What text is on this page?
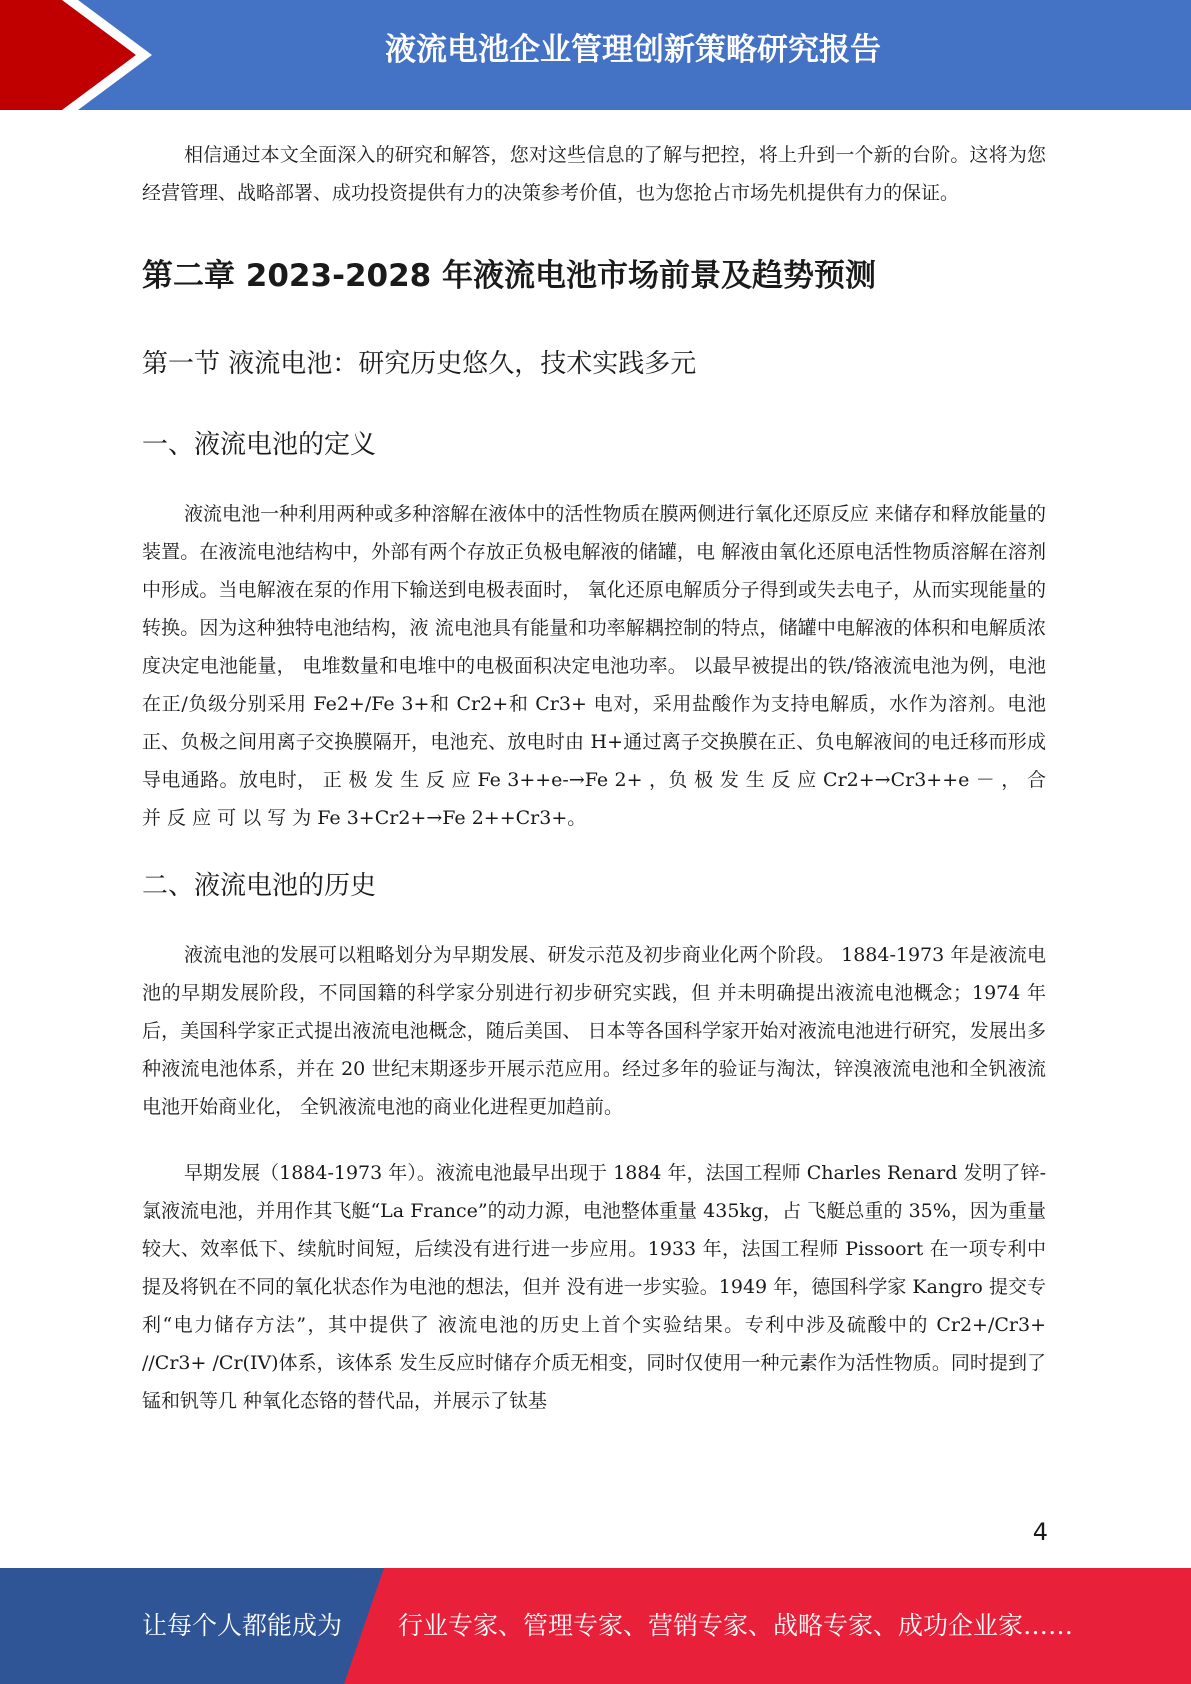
液流电池企业管理创新策略研究报告

相信通过本文全面深入的研究和解答，您对这些信息的了解与把控，将上升到一个新的台阶。这将为您经营管理、战略部署、成功投资提供有力的决策参考价值，也为您抢占市场先机提供有力的保证。

第二章 2023-2028 年液流电池市场前景及趋势预测
第一节 液流电池：研究历史悠久，技术实践多元
一、液流电池的定义

液流电池一种利用两种或多种溶解在液体中的活性物质在膜两侧进行氧化还原反应 来储存和释放能量的装置。在液流电池结构中，外部有两个存放正负极电解液的储罐，电 解液由氧化还原电活性物质溶解在溶剂中形成。当电解液在泵的作用下输送到电极表面时， 氧化还原电解质分子得到或失去电子，从而实现能量的转换。因为这种独特电池结构，液 流电池具有能量和功率解耦控制的特点，储罐中电解液的体积和电解质浓度决定电池能量， 电堆数量和电堆中的电极面积决定电池功率。 以最早被提出的铁/铬液流电池为例，电池在正/负级分别采用 Fe2+/Fe 3+和 Cr2+和 Cr3+ 电对，采用盐酸作为支持电解质，水作为溶剂。电池正、负极之间用离子交换膜隔开，电池充、放电时由 H+通过离子交换膜在正、负电解液间的电迁移而形成导电通路。放电时， 正 极 发 生 反 应 Fe 3++e-→Fe 2+ ，负 极 发 生 反 应 Cr2+→Cr3++e － ， 合 并 反 应 可 以 写 为 Fe 3+Cr2+→Fe 2++Cr3+。

二、液流电池的历史

液流电池的发展可以粗略划分为早期发展、研发示范及初步商业化两个阶段。 1884-1973 年是液流电池的早期发展阶段，不同国籍的科学家分别进行初步研究实践，但 并未明确提出液流电池概念；1974 年后，美国科学家正式提出液流电池概念，随后美国、 日本等各国科学家开始对液流电池进行研究，发展出多种液流电池体系，并在 20 世纪末期逐步开展示范应用。经过多年的验证与淘汰，锌溴液流电池和全钒液流电池开始商业化， 全钒液流电池的商业化进程更加趋前。

早期发展（1884-1973 年）。液流电池最早出现于 1884 年，法国工程师 Charles Renard 发明了锌-氯液流电池，并用作其飞艇“La France”的动力源，电池整体重量 435kg，占 飞艇总重的 35%，因为重量较大、效率低下、续航时间短，后续没有进行进一步应用。1933 年，法国工程师 Pissoort 在一项专利中提及将钒在不同的氧化状态作为电池的想法，但并 没有进一步实验。1949 年，德国科学家 Kangro 提交专利“电力储存方法”，其中提供了 液流电池的历史上首个实验结果。专利中涉及硫酸中的 Cr2+/Cr3+ //Cr3+ /Cr(IV)体系，该体系 发生反应时储存介质无相变，同时仅使用一种元素作为活性物质。同时提到了锰和钒等几 种氧化态铬的替代品，并展示了钛基

4
让每个人都能成为 行业专家、管理专家、营销专家、战略专家、成功企业家……
